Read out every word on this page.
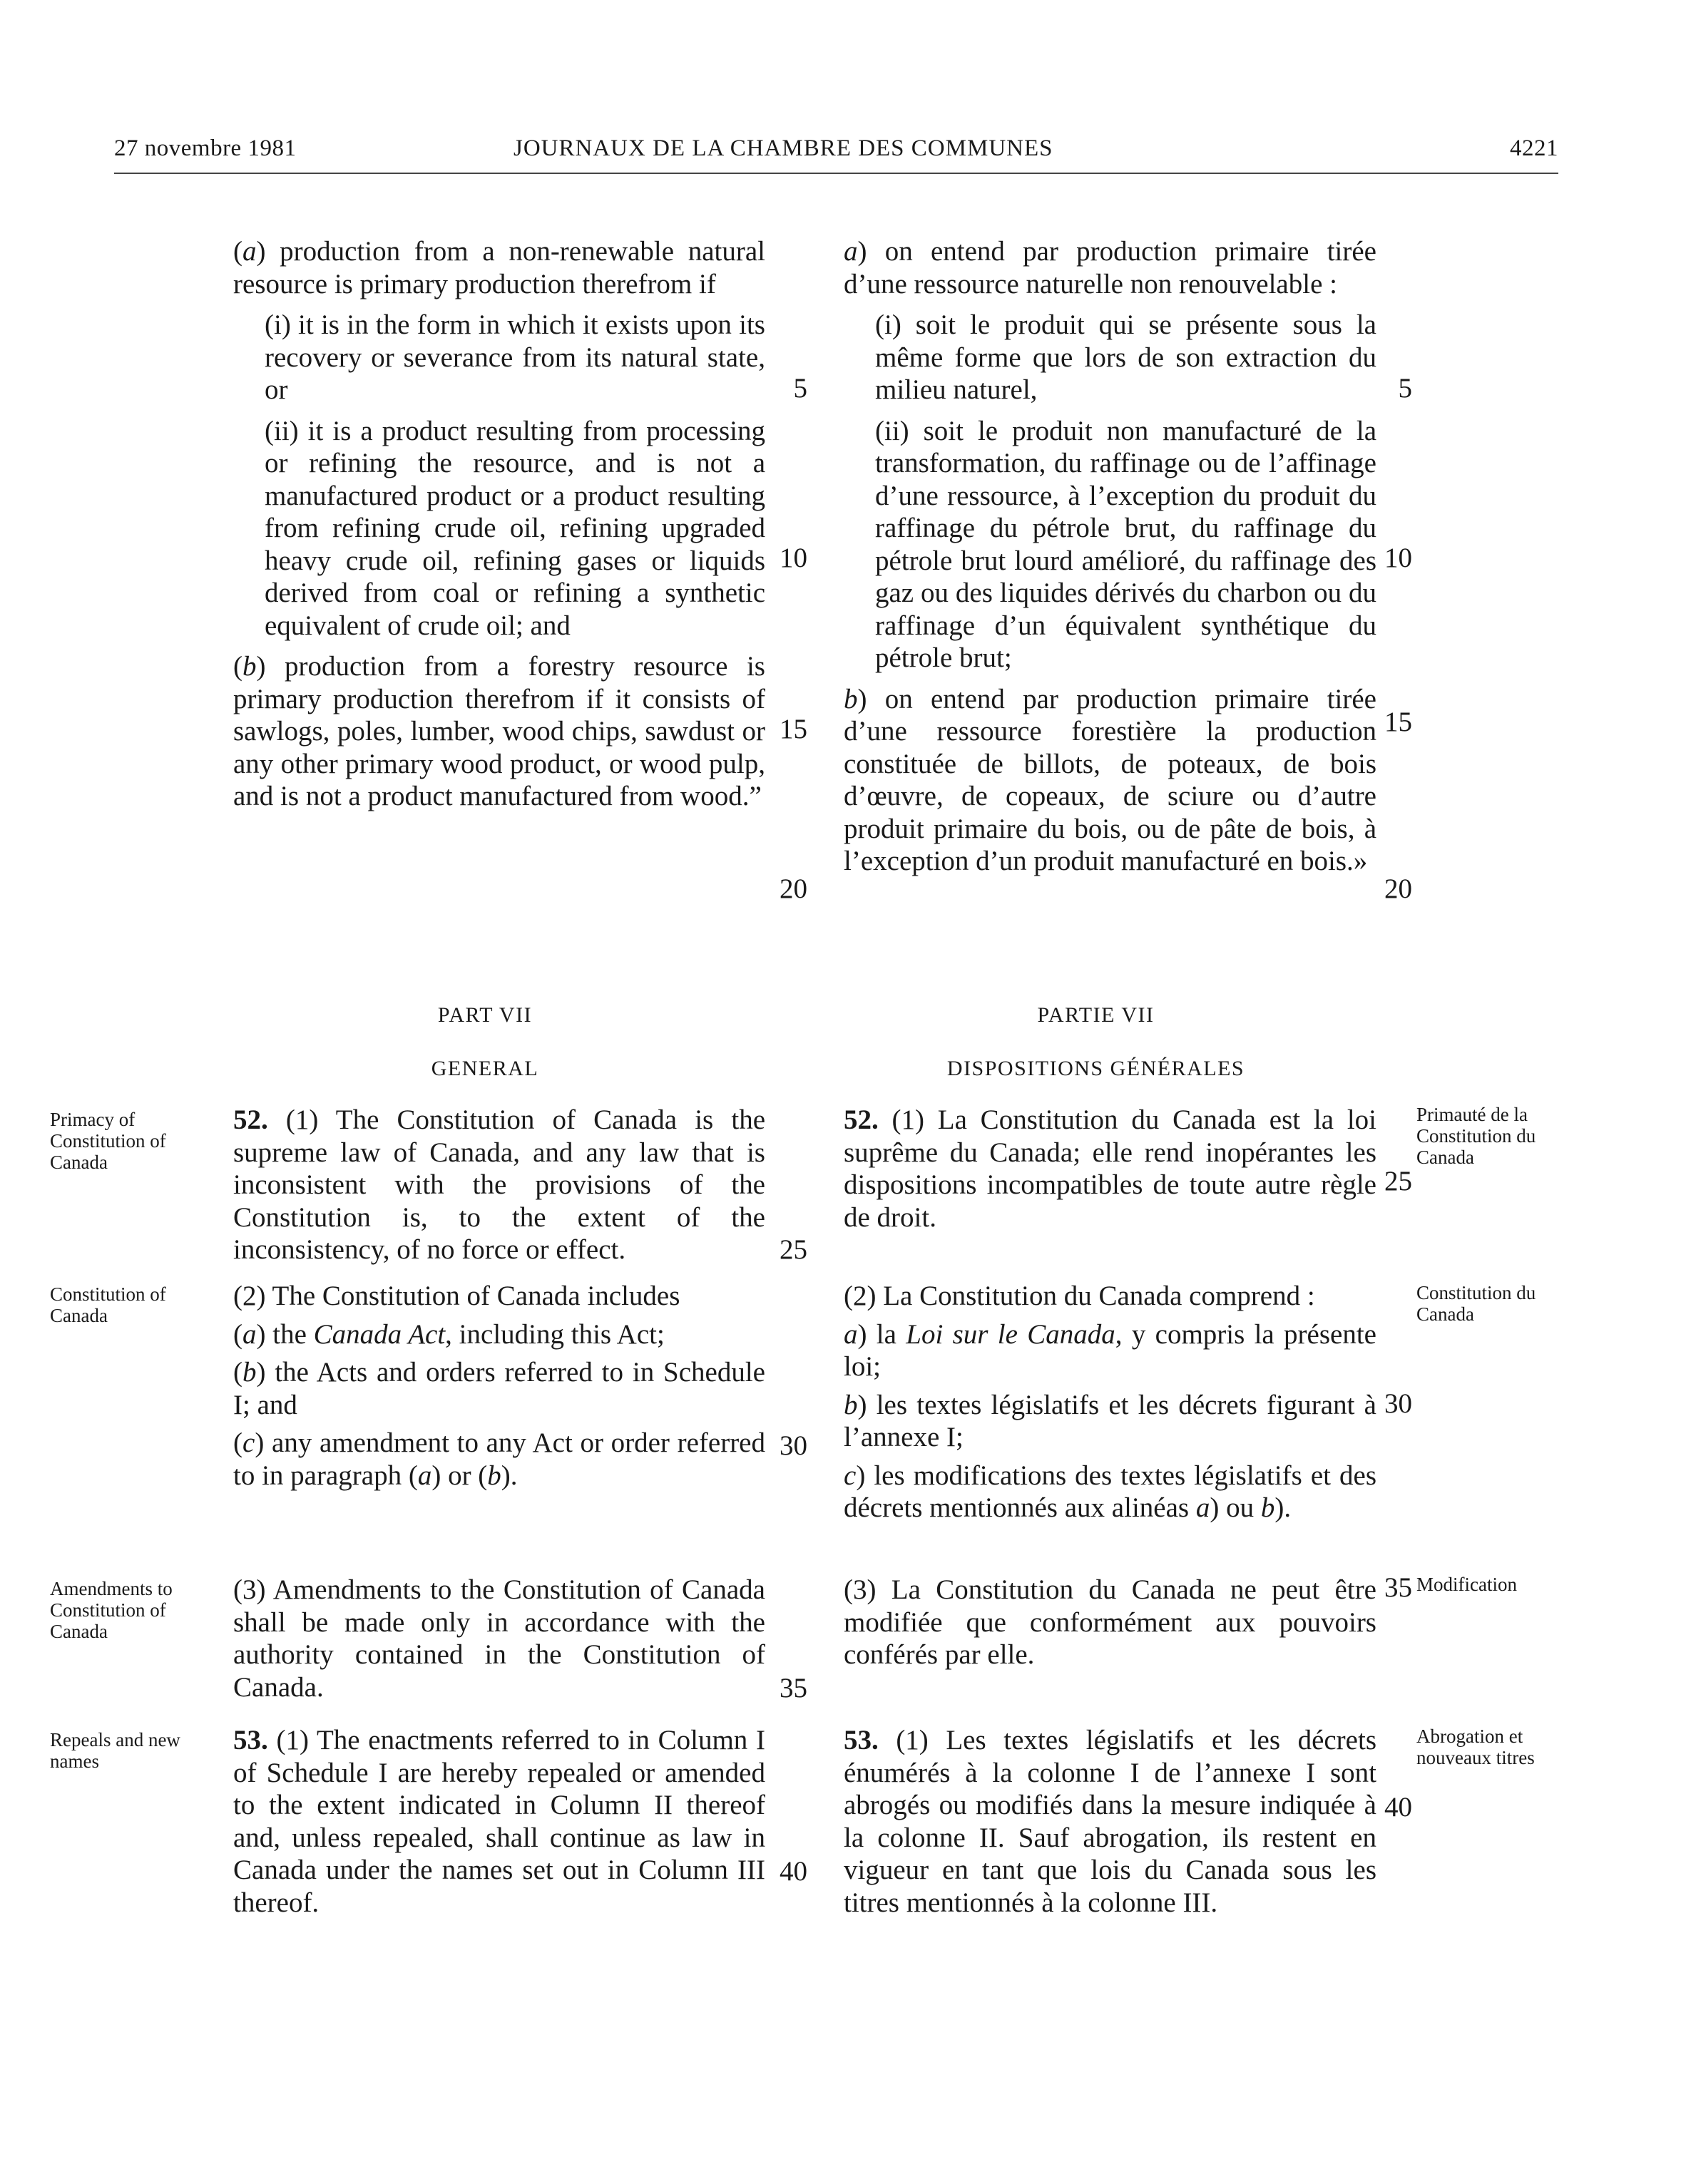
27 novembre 1981	JOURNAUX DE LA CHAMBRE DES COMMUNES	4221

(a) production from a non-renewable natural resource is primary production therefrom if

(i) it is in the form in which it exists upon its recovery or severance from its natural state, or

(ii) it is a product resulting from processing or refining the resource, and is not a manufactured product or a product resulting from refining crude oil, refining upgraded heavy crude oil, refining gases or liquids derived from coal or refining a synthetic equivalent of crude oil; and

(b) production from a forestry resource is primary production therefrom if it consists of sawlogs, poles, lumber, wood chips, sawdust or any other primary wood product, or wood pulp, and is not a product manufactured from wood.”

a) on entend par production primaire tirée d’une ressource naturelle non renouvelable :

(i) soit le produit qui se présente sous la même forme que lors de son extraction du milieu naturel,

(ii) soit le produit non manufacturé de la transformation, du raffinage ou de l’affinage d’une ressource, à l’exception du produit du raffinage du pétrole brut, du raffinage du pétrole brut lourd amélioré, du raffinage des gaz ou des liquides dérivés du charbon ou du raffinage d’un équivalent synthétique du pétrole brut;

b) on entend par production primaire tirée d’une ressource forestière la production constituée de billots, de poteaux, de bois d’œuvre, de copeaux, de sciure ou d’autre produit primaire du bois, ou de pâte de bois, à l’exception d’un produit manufacturé en bois.»

5
10
15
20
25
30
35
40
5
10
15
20
25
30
35
40
PART VII
GENERAL
PARTIE VII
DISPOSITIONS GÉNÉRALES
Primacy of Constitution of Canada
Constitution of Canada
Amendments to Constitution of Canada
Repeals and new names
Primauté de la Constitution du Canada
Constitution du Canada
Modification
Abrogation et nouveaux titres

52. (1) The Constitution of Canada is the supreme law of Canada, and any law that is inconsistent with the provisions of the Constitution is, to the extent of the inconsistency, of no force or effect.

(2) The Constitution of Canada includes

(a) the Canada Act, including this Act;

(b) the Acts and orders referred to in Schedule I; and

(c) any amendment to any Act or order referred to in paragraph (a) or (b).

(3) Amendments to the Constitution of Canada shall be made only in accordance with the authority contained in the Constitution of Canada.

53. (1) The enactments referred to in Column I of Schedule I are hereby repealed or amended to the extent indicated in Column II thereof and, unless repealed, shall continue as law in Canada under the names set out in Column III thereof.

52. (1) La Constitution du Canada est la loi suprême du Canada; elle rend inopérantes les dispositions incompatibles de toute autre règle de droit.

(2) La Constitution du Canada comprend :

a) la Loi sur le Canada, y compris la présente loi;

b) les textes législatifs et les décrets figurant à l’annexe I;

c) les modifications des textes législatifs et des décrets mentionnés aux alinéas a) ou b).

(3) La Constitution du Canada ne peut être modifiée que conformément aux pouvoirs conférés par elle.

53. (1) Les textes législatifs et les décrets énumérés à la colonne I de l’annexe I sont abrogés ou modifiés dans la mesure indiquée à la colonne II. Sauf abrogation, ils restent en vigueur en tant que lois du Canada sous les titres mentionnés à la colonne III.
